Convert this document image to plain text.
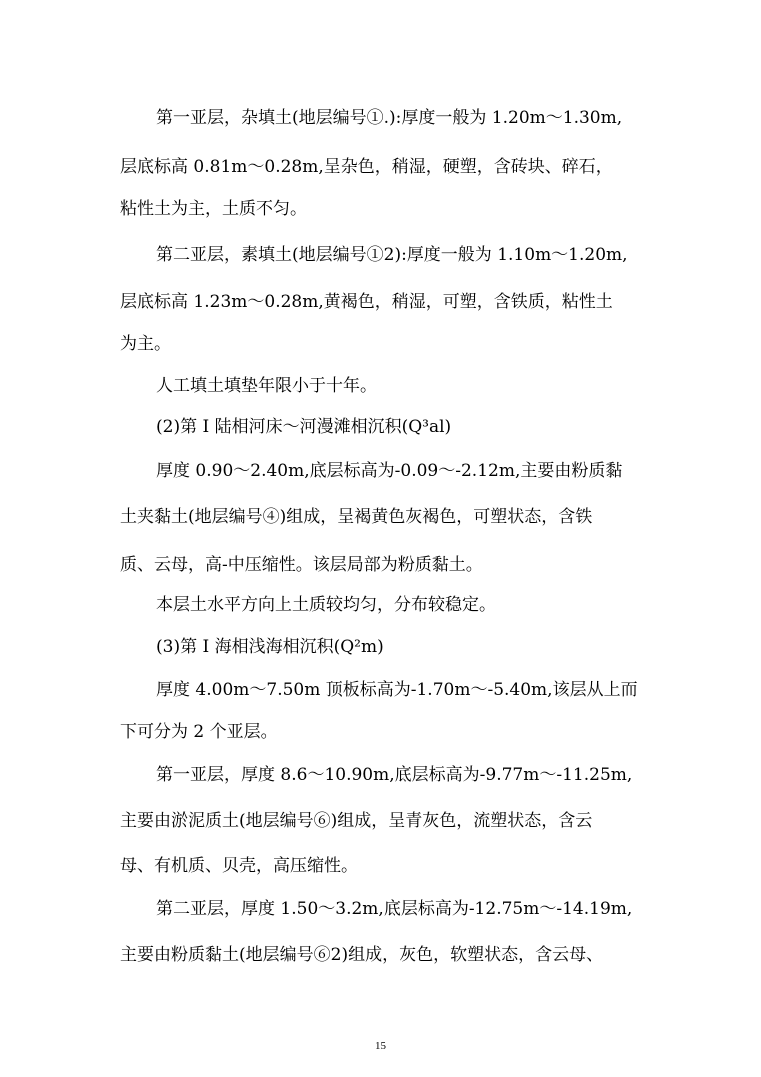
第一亚层，杂填土(地层编号①.):厚度一般为 1.20m～1.30m,
层底标高 0.81m～0.28m,呈杂色，稍湿，硬塑，含砖块、碎石，
粘性土为主，土质不匀。
第二亚层，素填土(地层编号①2):厚度一般为 1.10m～1.20m,
层底标高 1.23m～0.28m,黄褐色，稍湿，可塑，含铁质，粘性土
为主。
人工填土填垫年限小于十年。
(2)第 I 陆相河床～河漫滩相沉积(Q³al)
厚度 0.90～2.40m,底层标高为-0.09～-2.12m,主要由粉质黏
土夹黏土(地层编号④)组成，呈褐黄色灰褐色，可塑状态，含铁
质、云母，高-中压缩性。该层局部为粉质黏土。
本层土水平方向上土质较均匀，分布较稳定。
(3)第 I 海相浅海相沉积(Q²m)
厚度 4.00m～7.50m 顶板标高为-1.70m～-5.40m,该层从上而
下可分为 2 个亚层。
第一亚层，厚度 8.6～10.90m,底层标高为-9.77m～-11.25m,
主要由淤泥质土(地层编号⑥)组成，呈青灰色，流塑状态，含云
母、有机质、贝壳，高压缩性。
第二亚层，厚度 1.50～3.2m,底层标高为-12.75m～-14.19m,
主要由粉质黏土(地层编号⑥2)组成，灰色，软塑状态，含云母、
15
